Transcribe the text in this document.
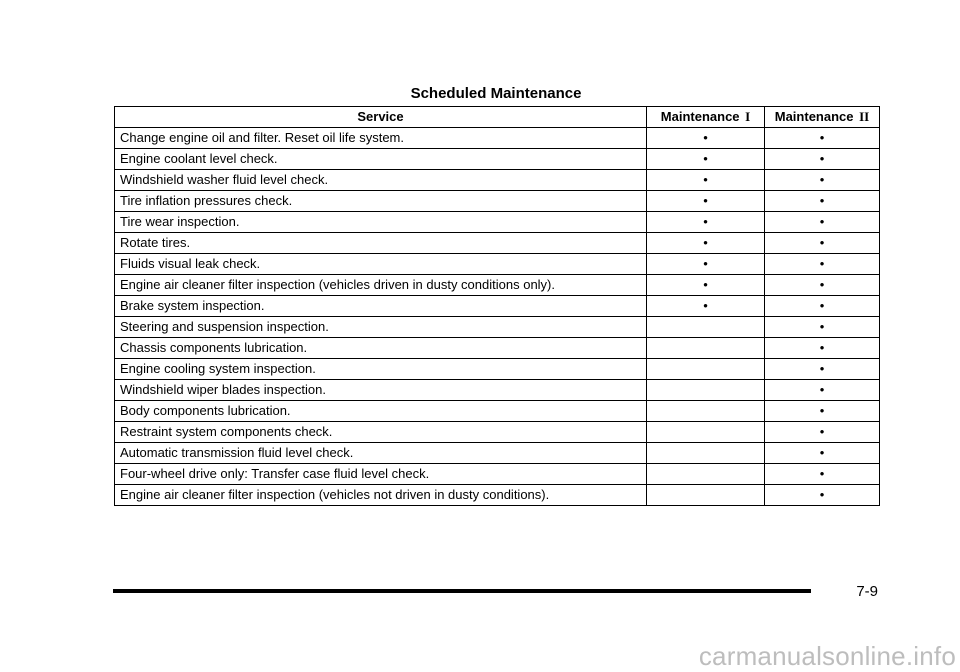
Scheduled Maintenance
Service	Maintenance I	Maintenance II
Change engine oil and filter. Reset oil life system.	•	•
Engine coolant level check.	•	•
Windshield washer fluid level check.	•	•
Tire inflation pressures check.	•	•
Tire wear inspection.	•	•
Rotate tires.	•	•
Fluids visual leak check.	•	•
Engine air cleaner filter inspection (vehicles driven in dusty conditions only).	•	•
Brake system inspection.	•	•
Steering and suspension inspection.		•
Chassis components lubrication.		•
Engine cooling system inspection.		•
Windshield wiper blades inspection.		•
Body components lubrication.		•
Restraint system components check.		•
Automatic transmission fluid level check.		•
Four-wheel drive only: Transfer case fluid level check.		•
Engine air cleaner filter inspection (vehicles not driven in dusty conditions).		•
7-9
carmanualsonline.info
